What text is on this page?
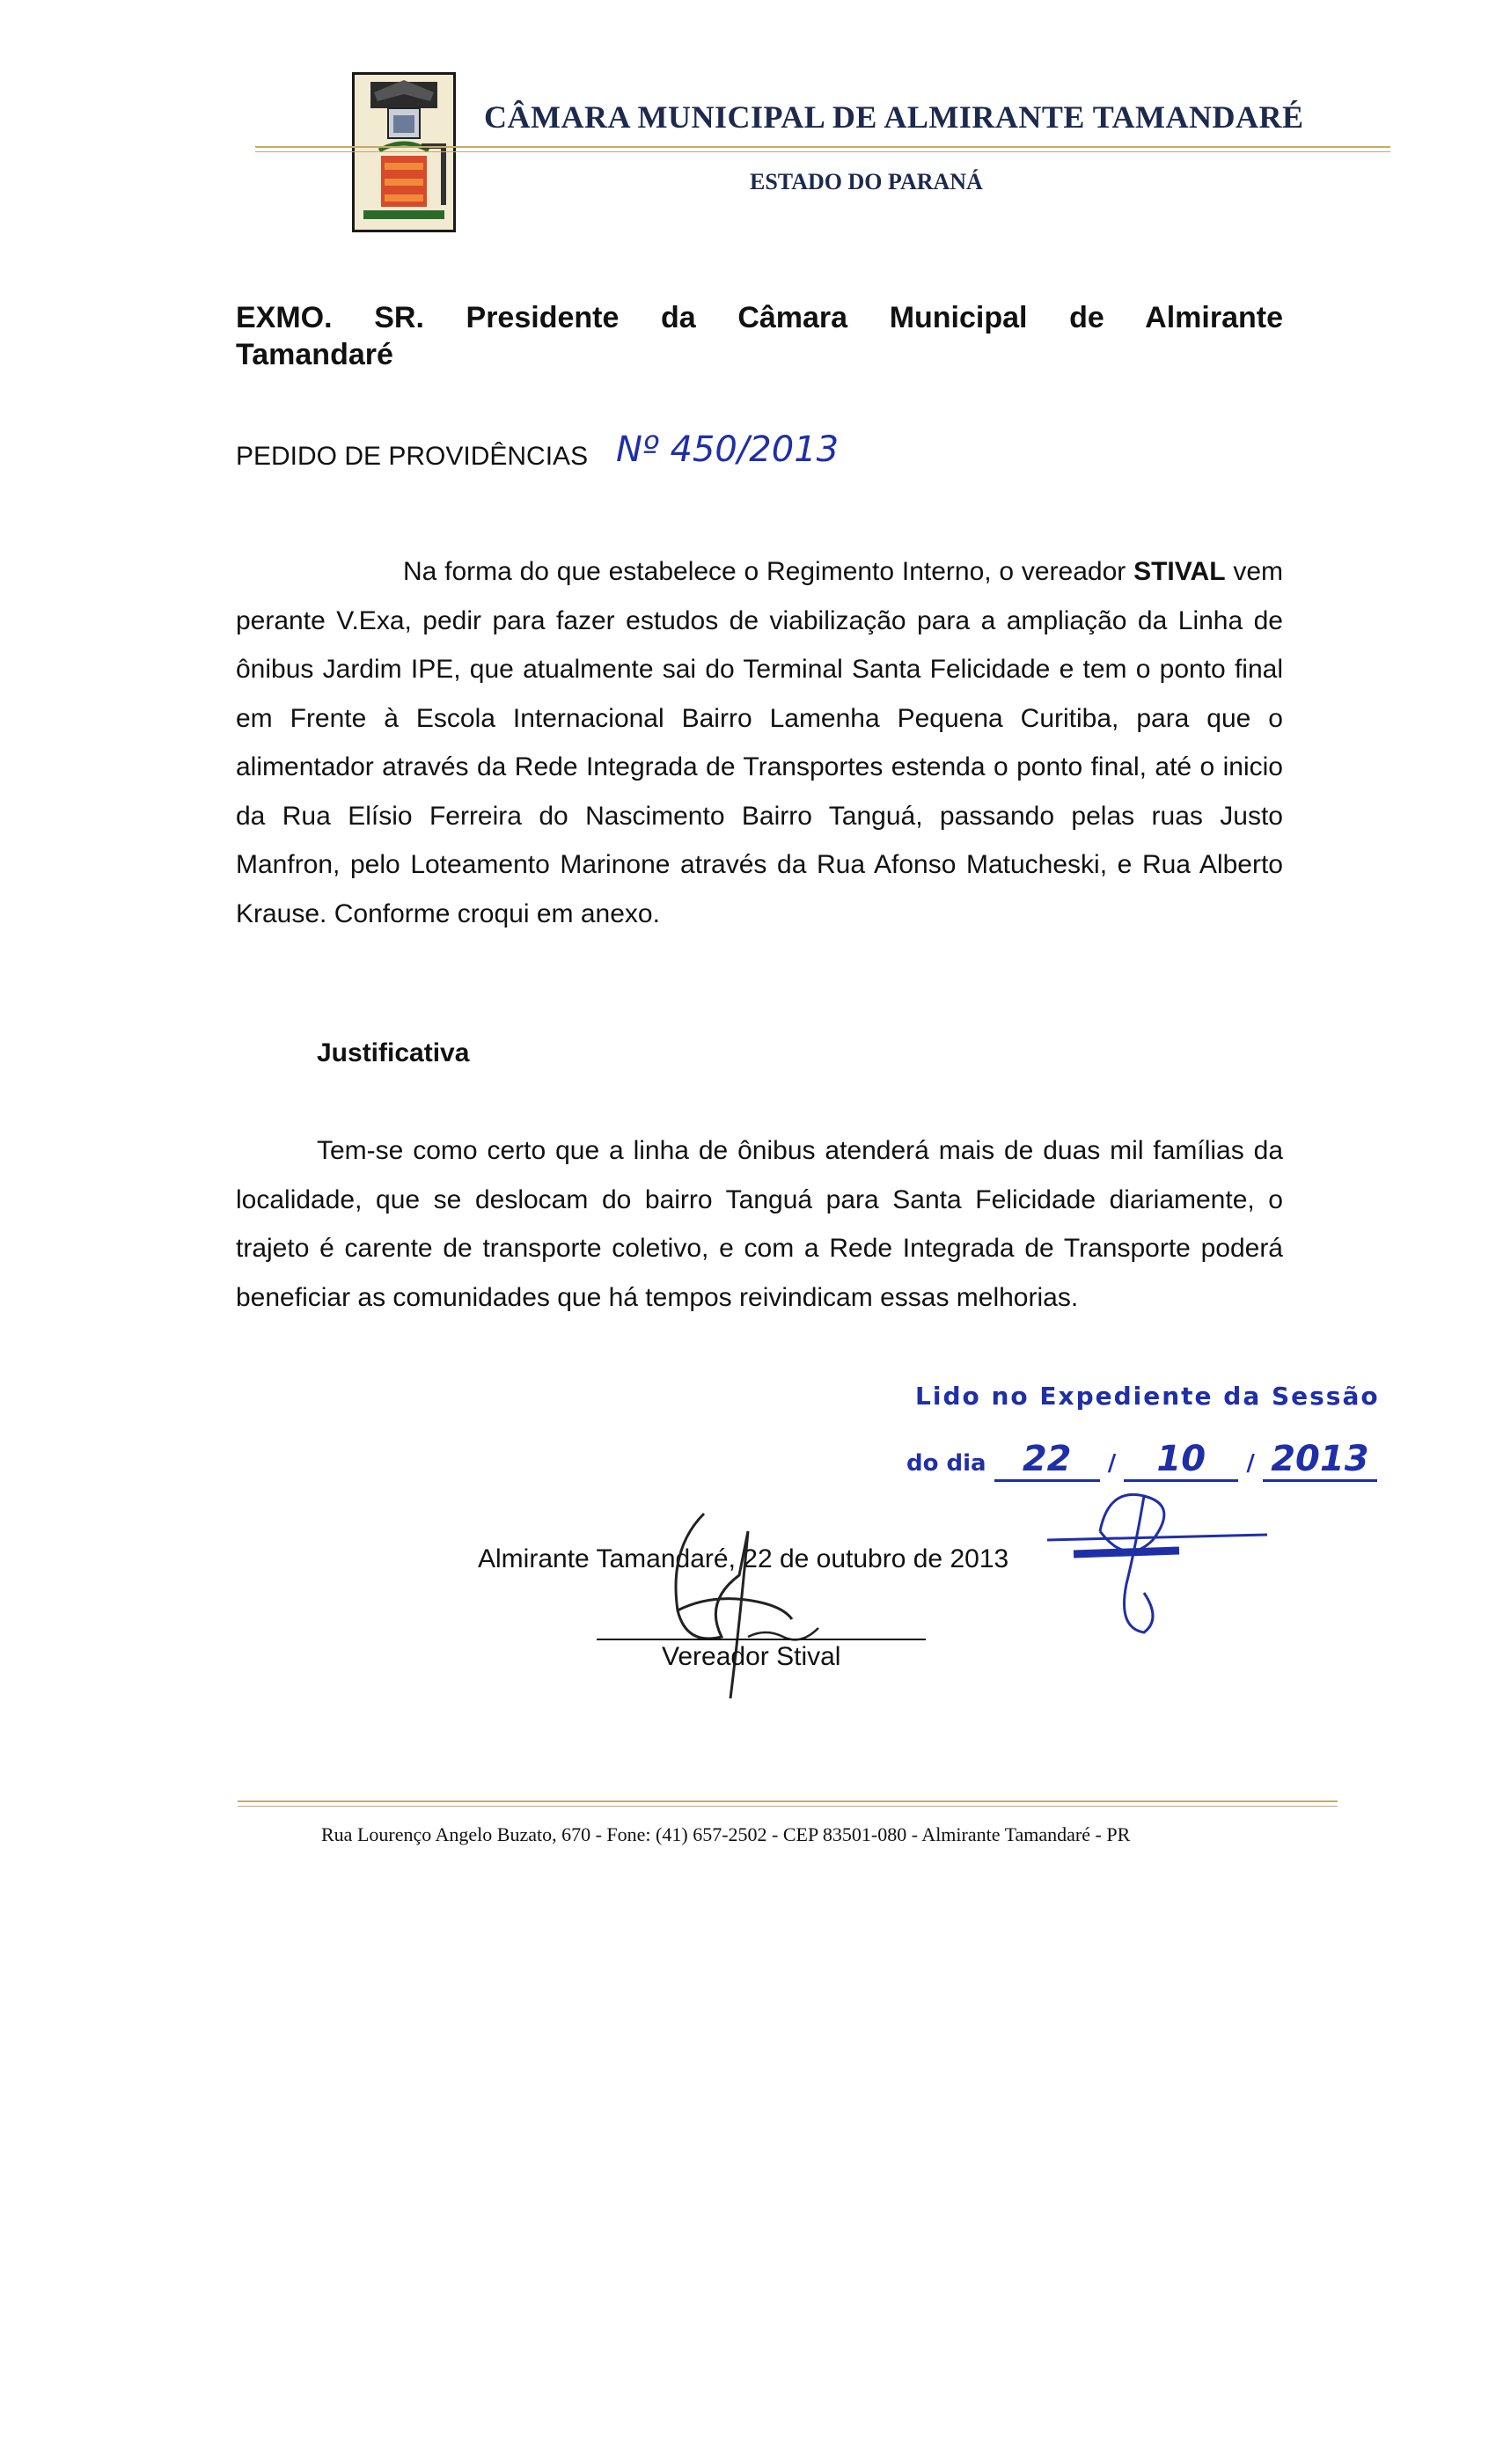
CÂMARA MUNICIPAL DE ALMIRANTE TAMANDARÉ
ESTADO DO PARANÁ
EXMO. SR. Presidente da Câmara Municipal de Almirante
Tamandaré
PEDIDO DE PROVIDÊNCIAS Nº 450/2013
Na forma do que estabelece o Regimento Interno, o vereador STIVAL vem perante V.Exa, pedir para fazer estudos de viabilização para a ampliação da Linha de ônibus Jardim IPE, que atualmente sai do Terminal Santa Felicidade e tem o ponto final em Frente à Escola Internacional Bairro Lamenha Pequena Curitiba, para que o alimentador através da Rede Integrada de Transportes estenda o ponto final, até o inicio da Rua Elísio Ferreira do Nascimento Bairro Tanguá, passando pelas ruas Justo Manfron, pelo Loteamento Marinone através da Rua Afonso Matucheski, e Rua Alberto Krause. Conforme croqui em anexo.
Justificativa
Tem-se como certo que a linha de ônibus atenderá mais de duas mil famílias da localidade, que se deslocam do bairro Tanguá para Santa Felicidade diariamente, o trajeto é carente de transporte coletivo, e com a Rede Integrada de Transporte poderá beneficiar as comunidades que há tempos reivindicam essas melhorias.
Lido no Expediente da Sessão
do dia 22 / 10 / 2013
Almirante Tamandaré, 22 de outubro de 2013
Vereador Stival
Rua Lourenço Angelo Buzato, 670 - Fone: (41) 657-2502 - CEP 83501-080 - Almirante Tamandaré - PR
